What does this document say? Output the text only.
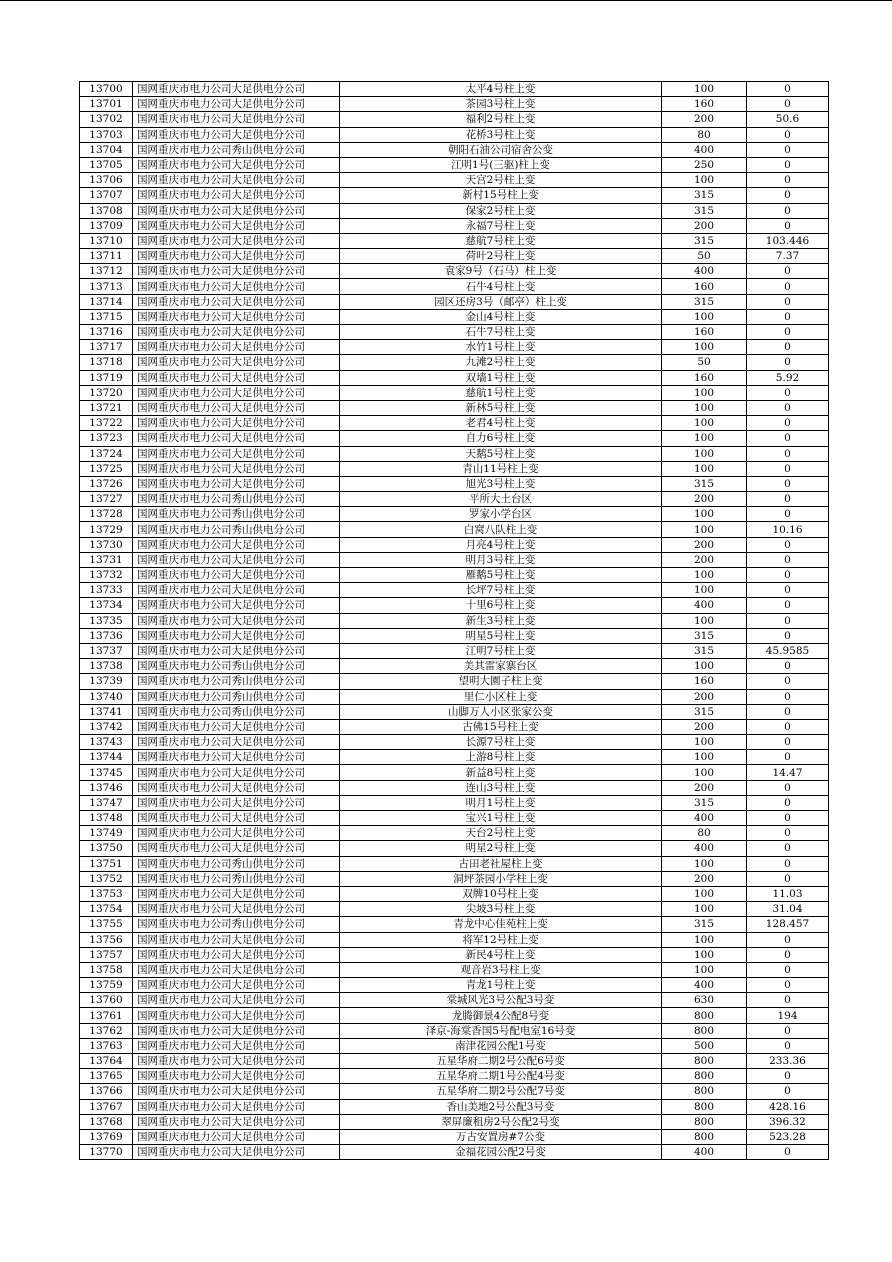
13700	国网重庆市电力公司大足供电分公司	太平4号柱上变	100	0
13701	国网重庆市电力公司大足供电分公司	茶园3号柱上变	160	0
13702	国网重庆市电力公司大足供电分公司	福利2号柱上变	200	50.6
13703	国网重庆市电力公司大足供电分公司	花桥3号柱上变	80	0
13704	国网重庆市电力公司秀山供电分公司	朝阳石油公司宿舍公变	400	0
13705	国网重庆市电力公司大足供电分公司	江明1号(三驱)柱上变	250	0
13706	国网重庆市电力公司大足供电分公司	天宫2号柱上变	100	0
13707	国网重庆市电力公司大足供电分公司	新村15号柱上变	315	0
13708	国网重庆市电力公司大足供电分公司	保家2号柱上变	315	0
13709	国网重庆市电力公司大足供电分公司	永福7号柱上变	200	0
13710	国网重庆市电力公司大足供电分公司	慈航7号柱上变	315	103.446
13711	国网重庆市电力公司大足供电分公司	荷叶2号柱上变	50	7.37
13712	国网重庆市电力公司大足供电分公司	袁家9号（石马）柱上变	400	0
13713	国网重庆市电力公司大足供电分公司	石牛4号柱上变	160	0
13714	国网重庆市电力公司大足供电分公司	园区还房3号（邮亭）柱上变	315	0
13715	国网重庆市电力公司大足供电分公司	金山4号柱上变	100	0
13716	国网重庆市电力公司大足供电分公司	石牛7号柱上变	160	0
13717	国网重庆市电力公司大足供电分公司	水竹1号柱上变	100	0
13718	国网重庆市电力公司大足供电分公司	九滩2号柱上变	50	0
13719	国网重庆市电力公司大足供电分公司	双墙1号柱上变	160	5.92
13720	国网重庆市电力公司大足供电分公司	慈航1号柱上变	100	0
13721	国网重庆市电力公司大足供电分公司	新林5号柱上变	100	0
13722	国网重庆市电力公司大足供电分公司	老君4号柱上变	100	0
13723	国网重庆市电力公司大足供电分公司	自力6号柱上变	100	0
13724	国网重庆市电力公司大足供电分公司	天鹅5号柱上变	100	0
13725	国网重庆市电力公司大足供电分公司	青山11号柱上变	100	0
13726	国网重庆市电力公司大足供电分公司	旭光3号柱上变	315	0
13727	国网重庆市电力公司秀山供电分公司	平所大土台区	200	0
13728	国网重庆市电力公司秀山供电分公司	罗家小学台区	100	0
13729	国网重庆市电力公司秀山供电分公司	白窝八队柱上变	100	10.16
13730	国网重庆市电力公司大足供电分公司	月亮4号柱上变	200	0
13731	国网重庆市电力公司大足供电分公司	明月3号柱上变	200	0
13732	国网重庆市电力公司大足供电分公司	雁鹅5号柱上变	100	0
13733	国网重庆市电力公司大足供电分公司	长坪7号柱上变	100	0
13734	国网重庆市电力公司大足供电分公司	十里6号柱上变	400	0
13735	国网重庆市电力公司大足供电分公司	新生3号柱上变	100	0
13736	国网重庆市电力公司大足供电分公司	明星5号柱上变	315	0
13737	国网重庆市电力公司大足供电分公司	江明7号柱上变	315	45.9585
13738	国网重庆市电力公司秀山供电分公司	美其雷家寨台区	100	0
13739	国网重庆市电力公司秀山供电分公司	望明大園子柱上变	160	0
13740	国网重庆市电力公司秀山供电分公司	里仁小区柱上变	200	0
13741	国网重庆市电力公司秀山供电分公司	山脚万人小区张家公变	315	0
13742	国网重庆市电力公司大足供电分公司	古佛15号柱上变	200	0
13743	国网重庆市电力公司大足供电分公司	长源7号柱上变	100	0
13744	国网重庆市电力公司大足供电分公司	上游8号柱上变	100	0
13745	国网重庆市电力公司大足供电分公司	新益8号柱上变	100	14.47
13746	国网重庆市电力公司大足供电分公司	连山3号柱上变	200	0
13747	国网重庆市电力公司大足供电分公司	明月1号柱上变	315	0
13748	国网重庆市电力公司大足供电分公司	宝兴1号柱上变	400	0
13749	国网重庆市电力公司大足供电分公司	天台2号柱上变	80	0
13750	国网重庆市电力公司大足供电分公司	明星2号柱上变	400	0
13751	国网重庆市电力公司秀山供电分公司	古田老社屋柱上变	100	0
13752	国网重庆市电力公司秀山供电分公司	洞坪茶园小学柱上变	200	0
13753	国网重庆市电力公司大足供电分公司	双牌10号柱上变	100	11.03
13754	国网重庆市电力公司大足供电分公司	尖坡3号柱上变	100	31.04
13755	国网重庆市电力公司秀山供电分公司	青龙中心佳苑柱上变	315	128.457
13756	国网重庆市电力公司大足供电分公司	将军12号柱上变	100	0
13757	国网重庆市电力公司大足供电分公司	新民4号柱上变	100	0
13758	国网重庆市电力公司大足供电分公司	观音岩3号柱上变	100	0
13759	国网重庆市电力公司大足供电分公司	青龙1号柱上变	400	0
13760	国网重庆市电力公司大足供电分公司	棠城风光3号公配3号变	630	0
13761	国网重庆市电力公司大足供电分公司	龙腾御景4公配8号变	800	194
13762	国网重庆市电力公司大足供电分公司	泽京-海棠香国5号配电室16号变	800	0
13763	国网重庆市电力公司大足供电分公司	南津花园公配1号变	500	0
13764	国网重庆市电力公司大足供电分公司	五星华府二期2号公配6号变	800	233.36
13765	国网重庆市电力公司大足供电分公司	五星华府二期1号公配4号变	800	0
13766	国网重庆市电力公司大足供电分公司	五星华府二期2号公配7号变	800	0
13767	国网重庆市电力公司大足供电分公司	香山美地2号公配3号变	800	428.16
13768	国网重庆市电力公司大足供电分公司	翠屏廉租房2号公配2号变	800	396.32
13769	国网重庆市电力公司大足供电分公司	万古安置房#7公变	800	523.28
13770	国网重庆市电力公司大足供电分公司	金福花园公配2号变	400	0
